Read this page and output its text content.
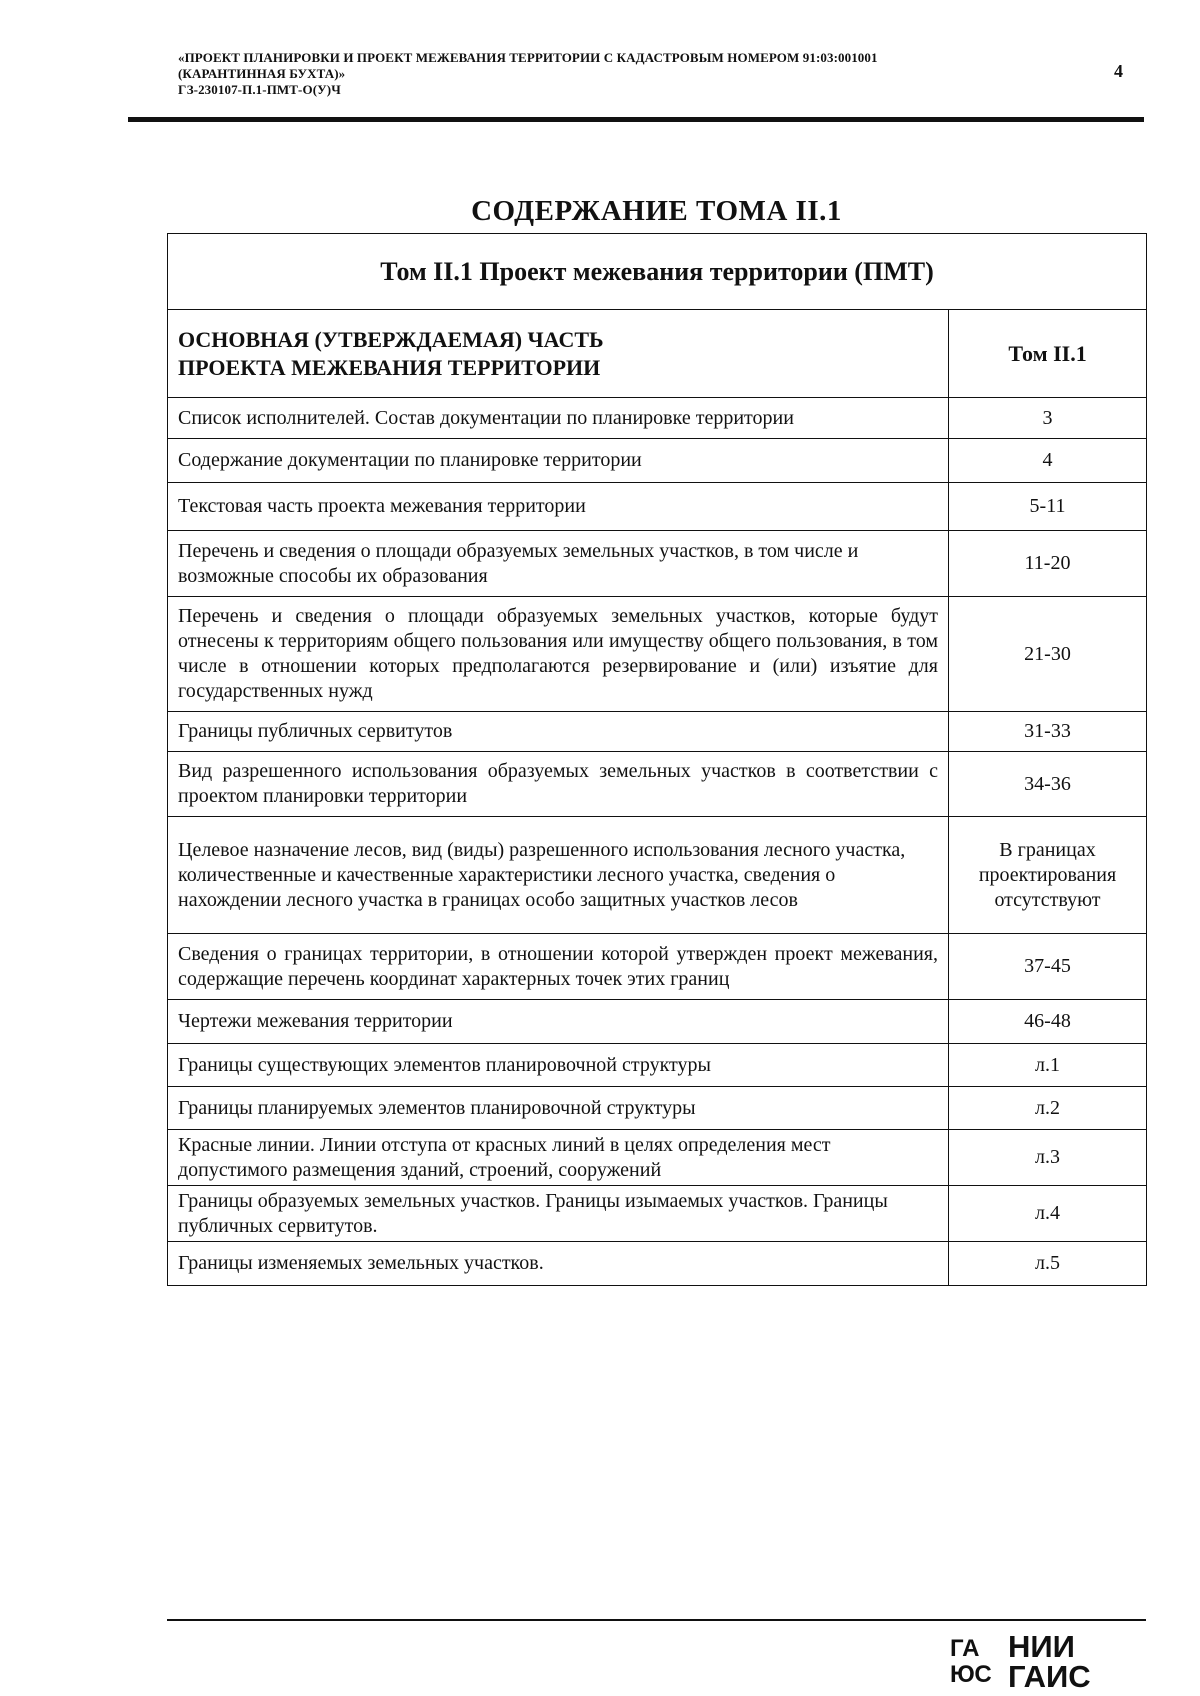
«ПРОЕКТ ПЛАНИРОВКИ И ПРОЕКТ МЕЖЕВАНИЯ ТЕРРИТОРИИ С КАДАСТРОВЫМ НОМЕРОМ 91:03:001001
(КАРАНТИННАЯ БУХТА)»
ГЗ-230107-П.1-ПМТ-О(У)Ч
4
СОДЕРЖАНИЕ ТОМА II.1
Том II.1 Проект межевания территории (ПМТ)	

ОСНОВНАЯ (УТВЕРЖДАЕМАЯ) ЧАСТЬ
ПРОЕКТА МЕЖЕВАНИЯ ТЕРРИТОРИИ	Том II.1
Список исполнителей. Состав документации по планировке территории	3
Содержание документации по планировке территории	4
Текстовая часть проекта межевания территории	5-11
Перечень и сведения о площади образуемых земельных участков, в том числе и возможные способы их образования	11-20
Перечень и сведения о площади образуемых земельных участков, которые будут отнесены к территориям общего пользования или имуществу общего пользования, в том числе в отношении которых предполагаются резервирование и (или) изъятие для государственных нужд	21-30
Границы публичных сервитутов	31-33
Вид разрешенного использования образуемых земельных участков в соответствии с проектом планировки территории	34-36
Целевое назначение лесов, вид (виды) разрешенного использования лесного участка, количественные и качественные характеристики лесного участка, сведения о нахождении лесного участка в границах особо защитных участков лесов	В границах проектирования отсутствуют
Сведения о границах территории, в отношении которой утвержден проект межевания, содержащие перечень координат характерных точек этих границ	37-45
Чертежи межевания территории	46-48
Границы существующих элементов планировочной структуры	л.1
Границы планируемых элементов планировочной структуры	л.2
Красные линии. Линии отступа от красных линий в целях определения мест допустимого размещения зданий, строений, сооружений	л.3
Границы образуемых земельных участков. Границы изымаемых участков. Границы публичных сервитутов.	л.4
Границы изменяемых земельных участков.	л.5
ГА
ЮС
НИИ
ГАИС
